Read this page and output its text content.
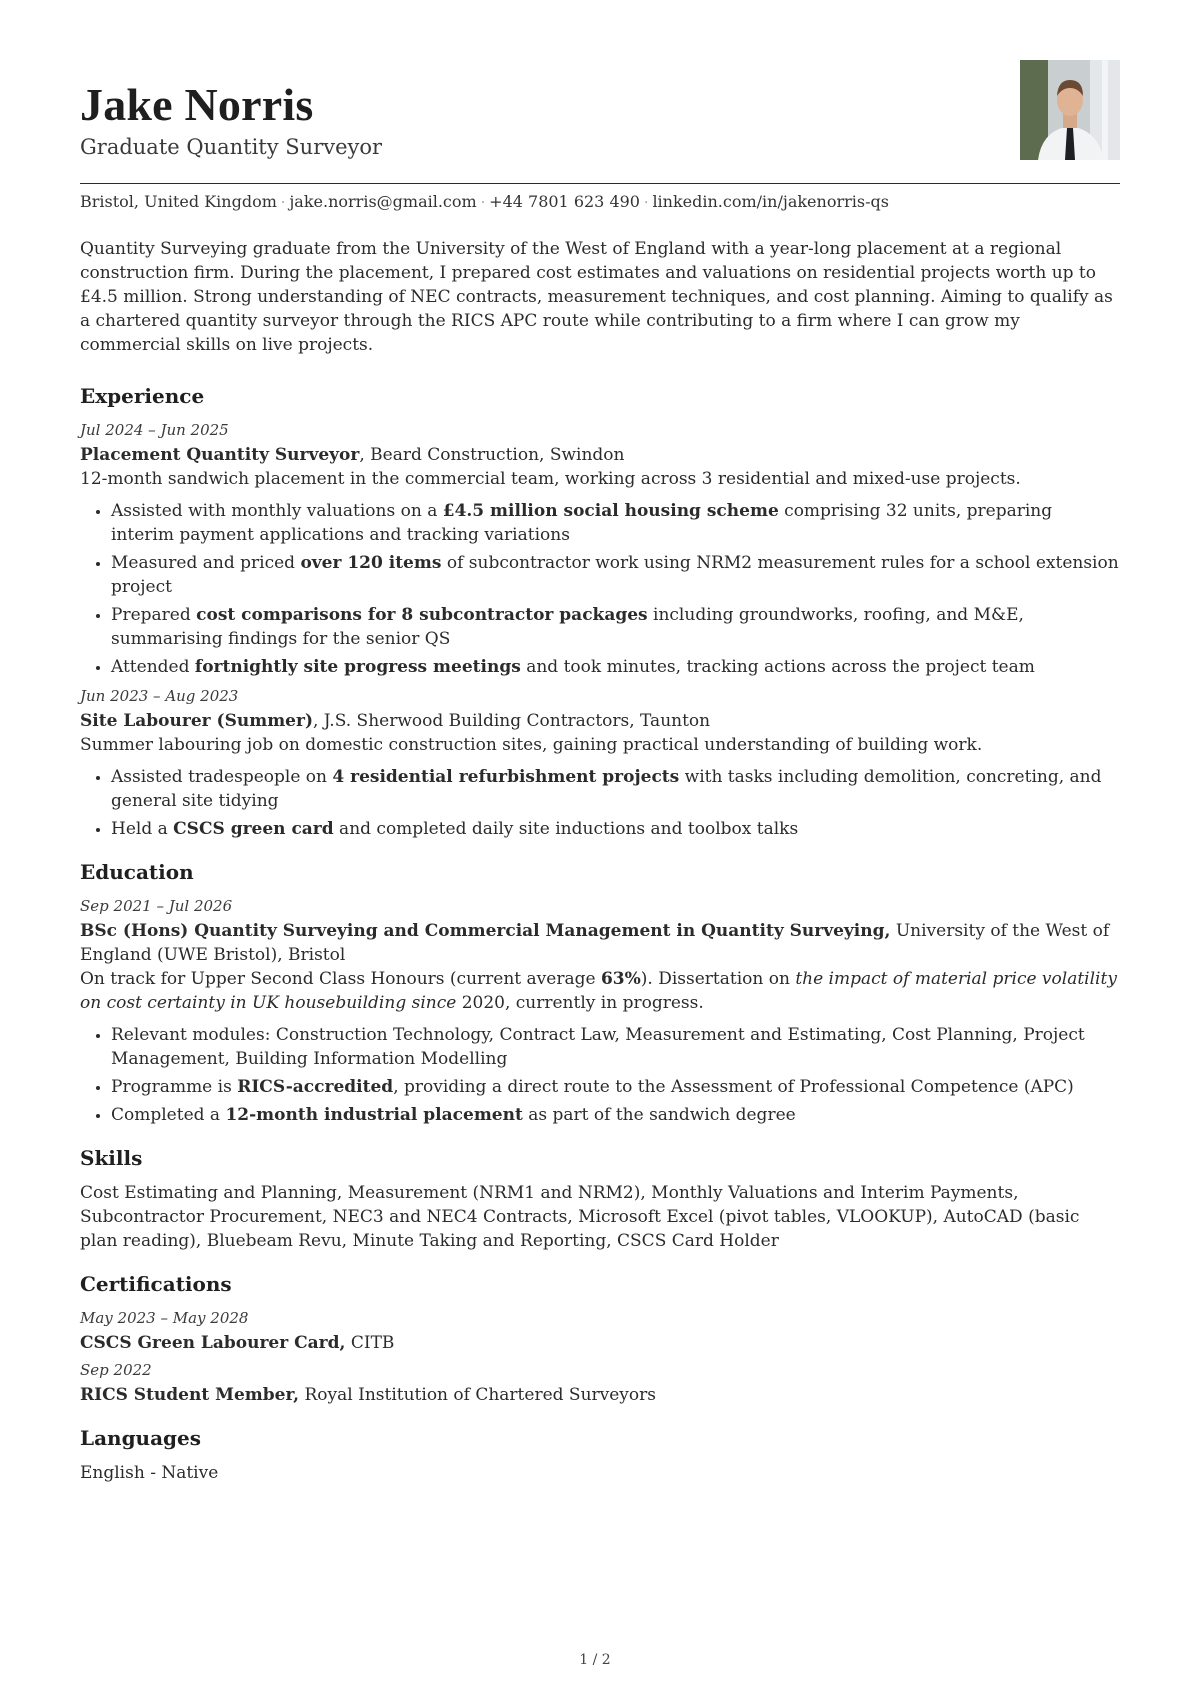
Jake Norris
Graduate Quantity Surveyor
Bristol, United Kingdom · jake.norris@gmail.com · +44 7801 623 490 · linkedin.com/in/jakenorris-qs

Quantity Surveying graduate from the University of the West of England with a year-long placement at a regional construction firm. During the placement, I prepared cost estimates and valuations on residential projects worth up to £4.5 million. Strong understanding of NEC contracts, measurement techniques, and cost planning. Aiming to qualify as a chartered quantity surveyor through the RICS APC route while contributing to a firm where I can grow my commercial skills on live projects.

Experience
Jul 2024 – Jun 2025

Placement Quantity Surveyor, Beard Construction, Swindon

12-month sandwich placement in the commercial team, working across 3 residential and mixed-use projects.

• Assisted with monthly valuations on a £4.5 million social housing scheme comprising 32 units, preparing interim payment applications and tracking variations
• Measured and priced over 120 items of subcontractor work using NRM2 measurement rules for a school extension project
• Prepared cost comparisons for 8 subcontractor packages including groundworks, roofing, and M&E, summarising findings for the senior QS
• Attended fortnightly site progress meetings and took minutes, tracking actions across the project team
Jun 2023 – Aug 2023

Site Labourer (Summer), J.S. Sherwood Building Contractors, Taunton

Summer labouring job on domestic construction sites, gaining practical understanding of building work.

• Assisted tradespeople on 4 residential refurbishment projects with tasks including demolition, concreting, and general site tidying
• Held a CSCS green card and completed daily site inductions and toolbox talks
Education
Sep 2021 – Jul 2026

BSc (Hons) Quantity Surveying and Commercial Management in Quantity Surveying, University of the West of England (UWE Bristol), Bristol

On track for Upper Second Class Honours (current average 63%). Dissertation on the impact of material price volatility on cost certainty in UK housebuilding since 2020, currently in progress.

• Relevant modules: Construction Technology, Contract Law, Measurement and Estimating, Cost Planning, Project Management, Building Information Modelling
• Programme is RICS-accredited, providing a direct route to the Assessment of Professional Competence (APC)
• Completed a 12-month industrial placement as part of the sandwich degree
Skills

Cost Estimating and Planning, Measurement (NRM1 and NRM2), Monthly Valuations and Interim Payments, Subcontractor Procurement, NEC3 and NEC4 Contracts, Microsoft Excel (pivot tables, VLOOKUP), AutoCAD (basic plan reading), Bluebeam Revu, Minute Taking and Reporting, CSCS Card Holder

Certifications
May 2023 – May 2028

CSCS Green Labourer Card, CITB

Sep 2022

RICS Student Member, Royal Institution of Chartered Surveyors

Languages

English - Native

1 / 2
